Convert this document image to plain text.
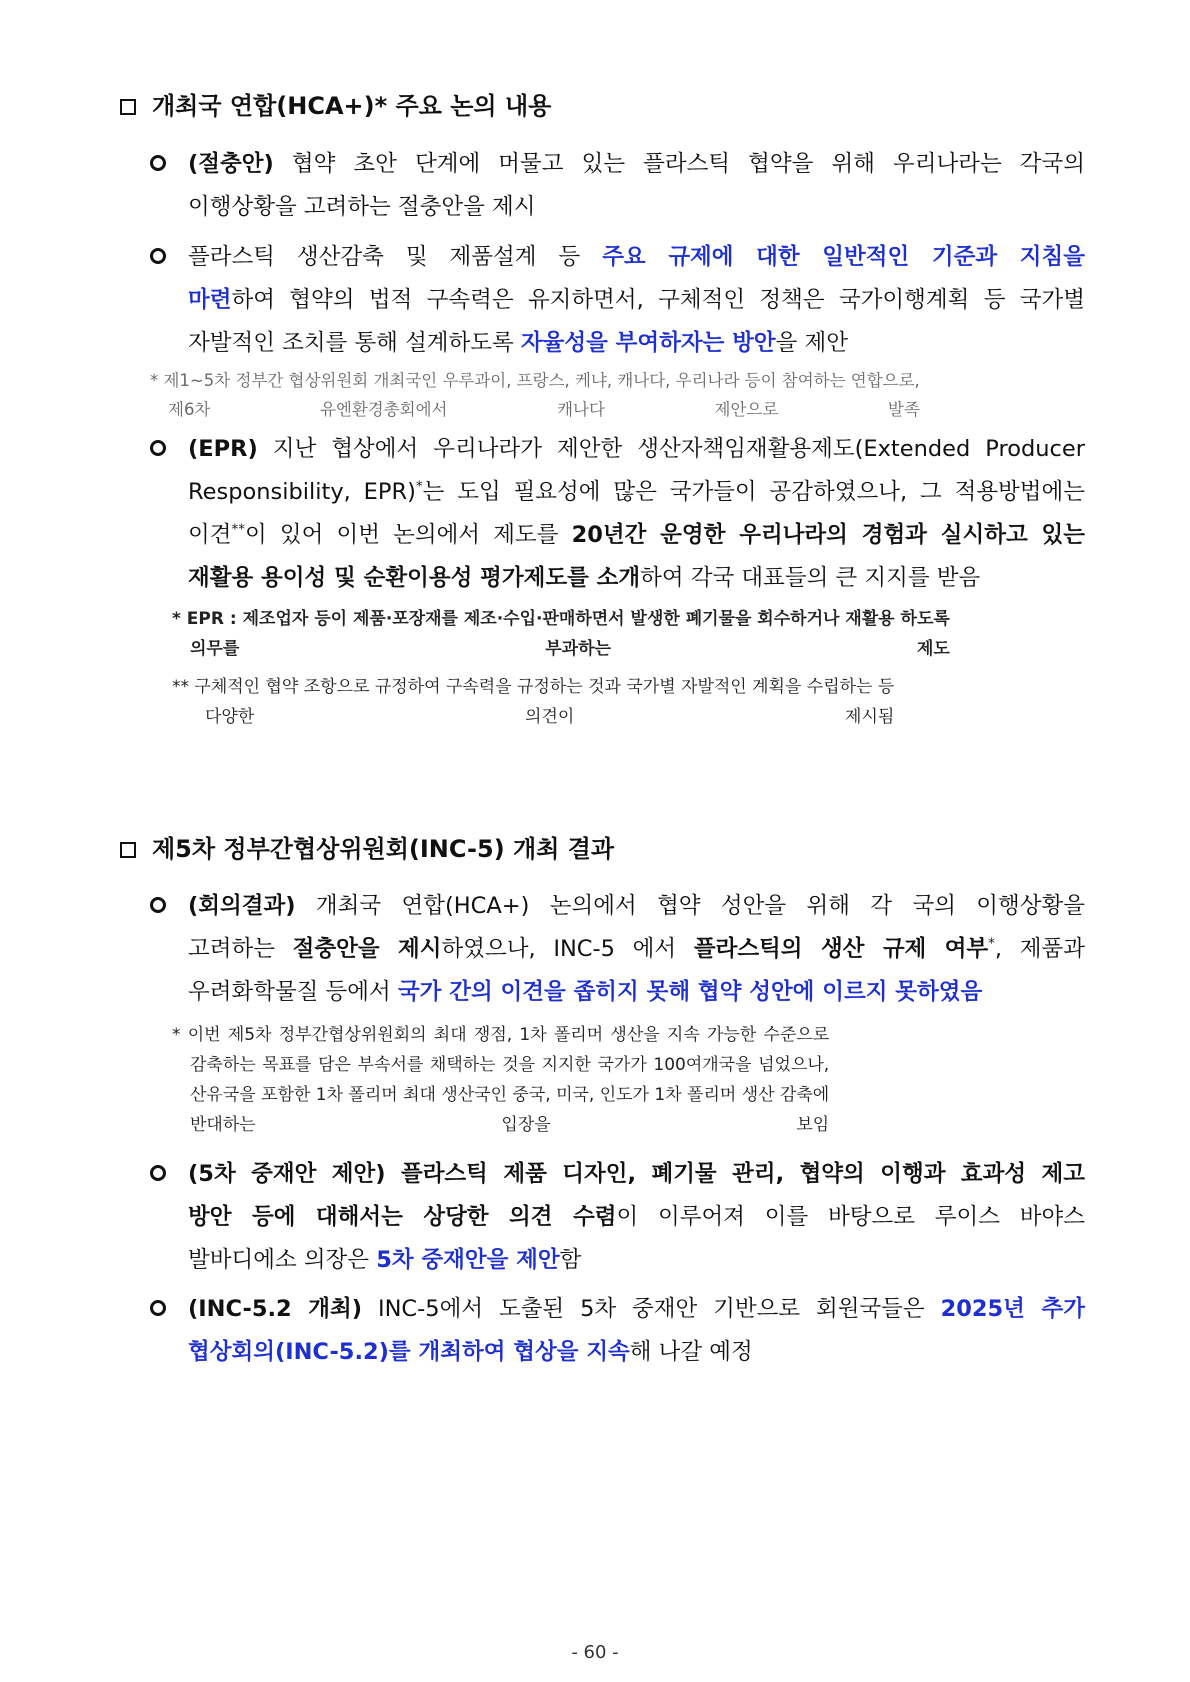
개최국 연합(HCA+)* 주요 논의 내용
(절충안) 협약 초안 단계에 머물고 있는 플라스틱 협약을 위해 우리나라는 각국의
이행상황을 고려하는 절충안을 제시
플라스틱 생산감축 및 제품설계 등 주요 규제에 대한 일반적인 기준과 지침을
마련하여 협약의 법적 구속력은 유지하면서, 구체적인 정책은 국가이행계획 등 국가별
자발적인 조치를 통해 설계하도록 자율성을 부여하자는 방안을 제안
* 제1~5차 정부간 협상위원회 개최국인 우루과이, 프랑스, 케냐, 캐나다, 우리나라 등이 참여하는 연합으로,
제6차 유엔환경총회에서 캐나다 제안으로 발족
(EPR) 지난 협상에서 우리나라가 제안한 생산자책임재활용제도(Extended Producer
Responsibility, EPR)*는 도입 필요성에 많은 국가들이 공감하였으나, 그 적용방법에는
이견**이 있어 이번 논의에서 제도를 20년간 운영한 우리나라의 경험과 실시하고 있는
재활용 용이성 및 순환이용성 평가제도를 소개하여 각국 대표들의 큰 지지를 받음
* EPR : 제조업자 등이 제품·포장재를 제조·수입·판매하면서 발생한 폐기물을 회수하거나 재활용 하도록
의무를 부과하는 제도
** 구체적인 협약 조항으로 규정하여 구속력을 규정하는 것과 국가별 자발적인 계획을 수립하는 등
다양한 의견이 제시됨
제5차 정부간협상위원회(INC-5) 개최 결과
(회의결과) 개최국 연합(HCA+) 논의에서 협약 성안을 위해 각 국의 이행상황을
고려하는 절충안을 제시하였으나, INC-5 에서 플라스틱의 생산 규제 여부*, 제품과
우려화학물질 등에서 국가 간의 이견을 좁히지 못해 협약 성안에 이르지 못하였음
* 이번 제5차 정부간협상위원회의 최대 쟁점, 1차 폴리머 생산을 지속 가능한 수준으로
감축하는 목표를 담은 부속서를 채택하는 것을 지지한 국가가 100여개국을 넘었으나,
산유국을 포함한 1차 폴리머 최대 생산국인 중국, 미국, 인도가 1차 폴리머 생산 감축에
반대하는 입장을 보임
(5차 중재안 제안) 플라스틱 제품 디자인, 폐기물 관리, 협약의 이행과 효과성 제고
방안 등에 대해서는 상당한 의견 수렴이 이루어져 이를 바탕으로 루이스 바야스
발바디에소 의장은 5차 중재안을 제안함
(INC-5.2 개최) INC-5에서 도출된 5차 중재안 기반으로 회원국들은 2025년 추가
협상회의(INC-5.2)를 개최하여 협상을 지속해 나갈 예정
- 60 -
